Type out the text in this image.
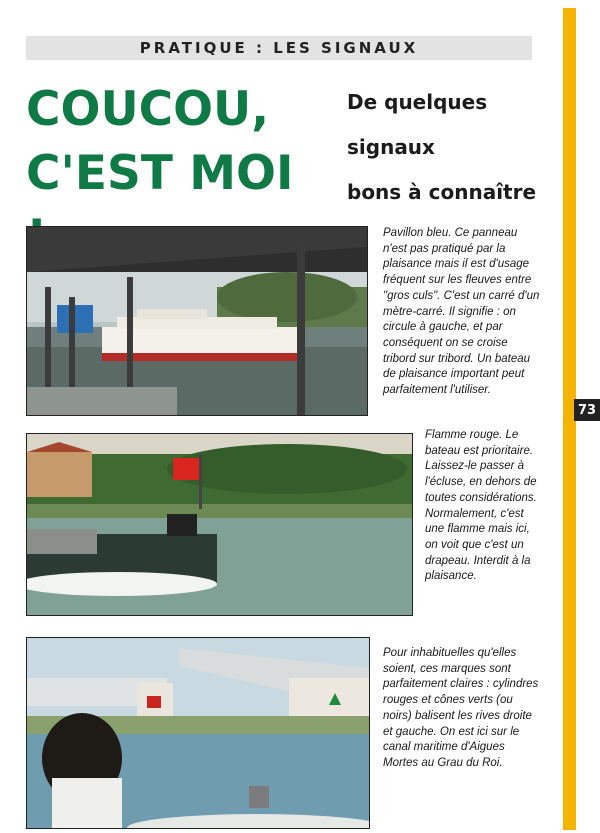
PRATIQUE : LES SIGNAUX
73
COUCOU,
C'EST MOI
De quelques
signaux
bons à connaître

Pavillon bleu. Ce panneau n'est pas pratiqué par la plaisance mais il est d'usage fréquent sur les fleuves entre "gros culs". C'est un carré d'un mètre-carré. Il signifie : on circule à gauche, et par conséquent on se croise tribord sur tribord. Un bateau de plaisance important peut parfaitement l'utiliser.

Flamme rouge. Le bateau est prioritaire. Laissez-le passer à l'écluse, en dehors de toutes considérations. Normalement, c'est une flamme mais ici, on voit que c'est un drapeau. Interdit à la plaisance.

Pour inhabituelles qu'elles soient, ces marques sont parfaitement claires : cylindres rouges et cônes verts (ou noirs) balisent les rives droite et gauche. On est ici sur le canal maritime d'Aigues Mortes au Grau du Roi.
